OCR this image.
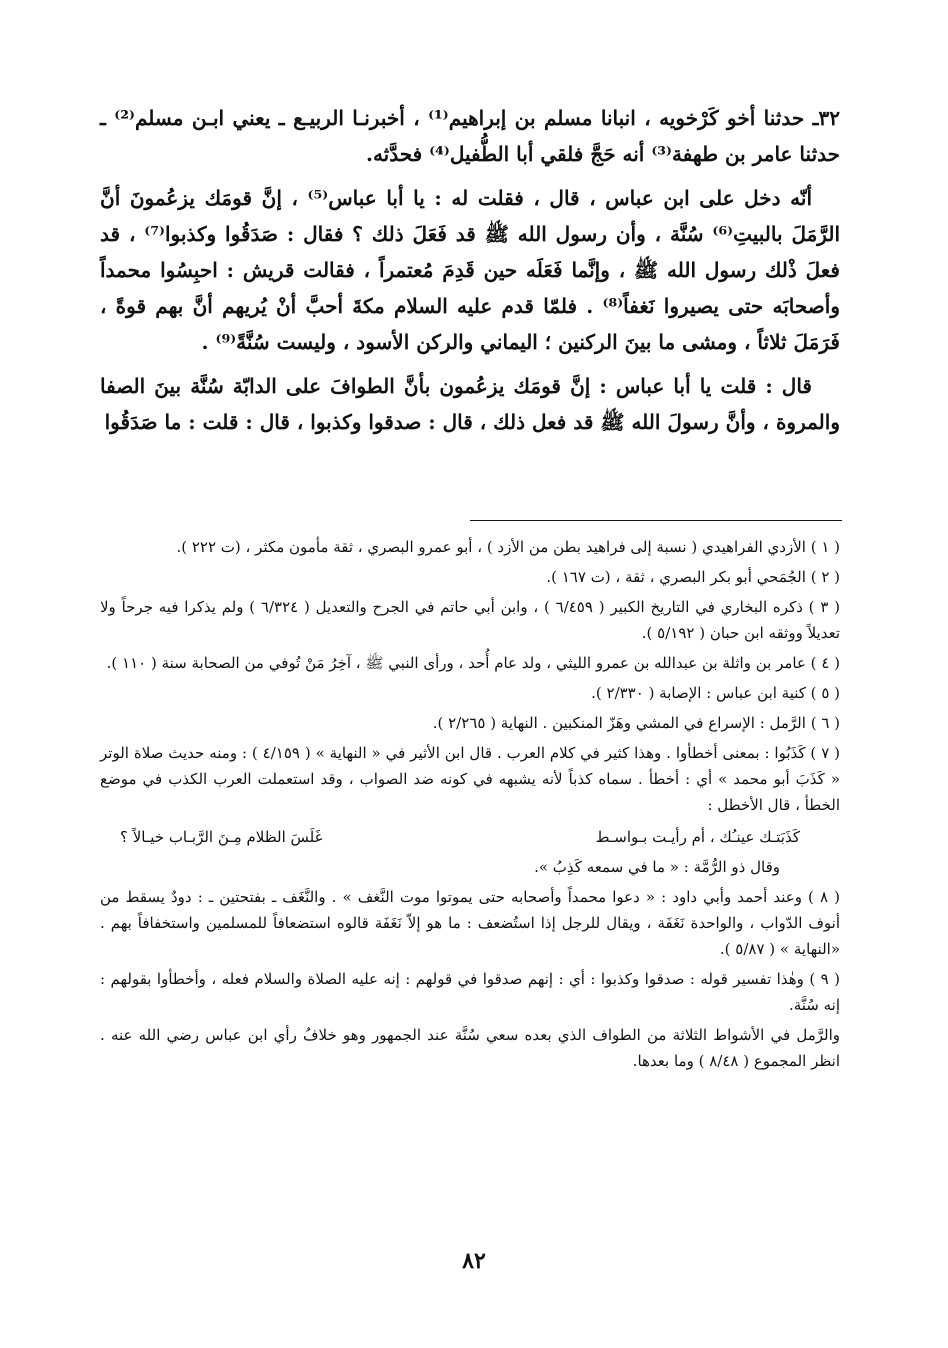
٣٢ـ حدثنا أخو كَرْخويه ، انبانا مسلم بن إبراهيم⁽¹⁾ ، أخبرنـا الربيـع ـ يعني ابـن مسلم⁽²⁾ ـ حدثنا عامر بن طهفة⁽³⁾ أنه حَجَّ فلقي أبا الطُّفيل⁽⁴⁾ فحدَّثه.

أنّه دخل على ابن عباس ، قال ، فقلت له : يا أبا عباس⁽⁵⁾ ، إنَّ قومَك يزعُمونَ أنَّ الرَّمَلَ بالبيتِ⁽⁶⁾ سُنَّة ، وأن رسول الله ﷺ قد فَعَلَ ذلك ؟ فقال : صَدَقُوا وكذبوا⁽⁷⁾ ، قد فعلَ ذْلك رسول الله ﷺ ، وإنَّما فَعَلَه حين قَدِمَ مُعتمراً ، فقالت قريش : احبِسُوا محمداً وأصحابَه حتى يصيروا نَغفاً⁽⁸⁾ . فلمّا قدم عليه السلام مكةَ أحبَّ أنْ يُريهم أنَّ بهم قوةً ، فَرَمَلَ ثلاثاً ، ومشى ما بينَ الركنين ؛ اليماني والركن الأسود ، وليست سُنَّةً⁽⁹⁾ .

قال : قلت يا أبا عباس : إنَّ قومَك يزعُمون بأنَّ الطوافَ على الدابّة سُنَّة بينَ الصفا والمروة ، وأنَّ رسولَ الله ﷺ قد فعل ذلك ، قال : صدقوا وكذبوا ، قال : قلت : ما صَدَقُوا

( ١ ) الأزدي الفراهيدي ( نسبة إلى فراهيد بطن من الأزد ) ، أبو عمرو البصري ، ثقة مأمون مكثر ، (ت ٢٢٢ ).

( ٢ ) الجُمَحي أبو بكر البصري ، ثقة ، (ت ١٦٧ ).

( ٣ ) ذكره البخاري في التاريخ الكبير ( ٦/٤٥٩ ) ، وابن أبي حاتم في الجرح والتعديل ( ٦/٣٢٤ ) ولم يذكرا فيه جرحاً ولا تعديلاً ووثقه ابن حبان ( ٥/١٩٢ ).

( ٤ ) عامر بن واثلة بن عبدالله بن عمرو الليثي ، ولد عام أُحد ، ورأى النبي ﷺ ، آخِرُ مَنْ تُوفي من الصحابة سنة ( ١١٠ ).

( ٥ ) كنية ابن عباس : الإصابة ( ٢/٣٣٠ ).

( ٦ ) الرَّمل : الإسراع في المشي وهَزّ المنكبين . النهاية ( ٢/٢٦٥ ).

( ٧ ) كَذَبُوا : بمعنى أخطأوا . وهذا كثير في كلام العرب . قال ابن الأثير في « النهاية » ( ٤/١٥٩ ) : ومنه حديث صلاة الوتر « كَذَبَ أبو محمد » أي : أخطأ . سماه كذباً لأنه يشبهه في كونه ضد الصواب ، وقد استعملت العرب الكذب في موضع الخطأ ، قال الأخطل :

كَذَبَتـك عينـُك ، أم رأيـت بـواسـط
غَلَسَ الظلام مِـنَ الرَّبـاب خيـالاً ؟

وقال ذو الرُّمَّة : « ما في سمعه كَذِبُ ».

( ٨ ) وعند أحمد وأبي داود : « دعوا محمداً وأصحابه حتى يموتوا موت النَّغف » . والنَّغَف ـ بفتحتين ـ : دودٌ يسقط من أنوف الدّواب ، والواحدة نَغَفَة ، ويقال للرجل إذا استُضعف : ما هو إلاّ نَغَفَة قالوه استضعافاً للمسلمين واستخفافاً بهم . «النهاية » ( ٥/٨٧ ).

( ٩ ) وهٰذا تفسير قوله : صدقوا وكذبوا : أي : إنهم صدقوا في قولهم : إنه عليه الصلاة والسلام فعله ، وأخطأوا بقولهم : إنه سُنَّة.

والرَّمل في الأشواط الثلاثة من الطواف الذي بعده سعي سُنَّة عند الجمهور وهو خلافُ رأي ابن عباس رضي الله عنه . انظر المجموع ( ٨/٤٨ ) وما بعدها.

٨٢
